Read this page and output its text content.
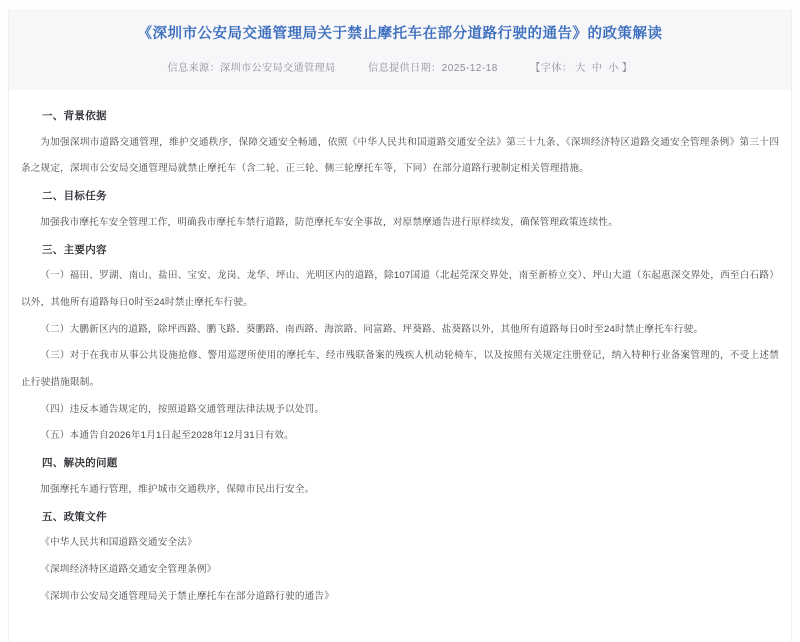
《深圳市公安局交通管理局关于禁止摩托车在部分道路行驶的通告》的政策解读
信息来源：深圳市公安局交通管理局	信息提供日期：2025-12-18	【字体： 大 中 小 】

一、背景依据

为加强深圳市道路交通管理，维护交通秩序，保障交通安全畅通，依照《中华人民共和国道路交通安全法》第三十九条、《深圳经济特区道路交通安全管理条例》第三十四条之规定，深圳市公安局交通管理局就禁止摩托车（含二轮、正三轮、侧三轮摩托车等，下同）在部分道路行驶制定相关管理措施。

二、目标任务

加强我市摩托车安全管理工作，明确我市摩托车禁行道路，防范摩托车安全事故，对原禁摩通告进行原样续发，确保管理政策连续性。

三、主要内容

（一）福田、罗湖、南山、盐田、宝安、龙岗、龙华、坪山、光明区内的道路，除107国道（北起莞深交界处，南至新桥立交）、坪山大道（东起惠深交界处，西至白石路）以外，其他所有道路每日0时至24时禁止摩托车行驶。

（二）大鹏新区内的道路，除坪西路、鹏飞路、葵鹏路、南西路、海滨路、同富路、坪葵路、盐葵路以外，其他所有道路每日0时至24时禁止摩托车行驶。

（三）对于在我市从事公共设施抢修、警用巡逻所使用的摩托车、经市残联备案的残疾人机动轮椅车，以及按照有关规定注册登记，纳入特种行业备案管理的，不受上述禁止行驶措施限制。

（四）违反本通告规定的，按照道路交通管理法律法规予以处罚。

（五）本通告自2026年1月1日起至2028年12月31日有效。

四、解决的问题

加强摩托车通行管理，维护城市交通秩序，保障市民出行安全。

五、政策文件

《中华人民共和国道路交通安全法》

《深圳经济特区道路交通安全管理条例》

《深圳市公安局交通管理局关于禁止摩托车在部分道路行驶的通告》
